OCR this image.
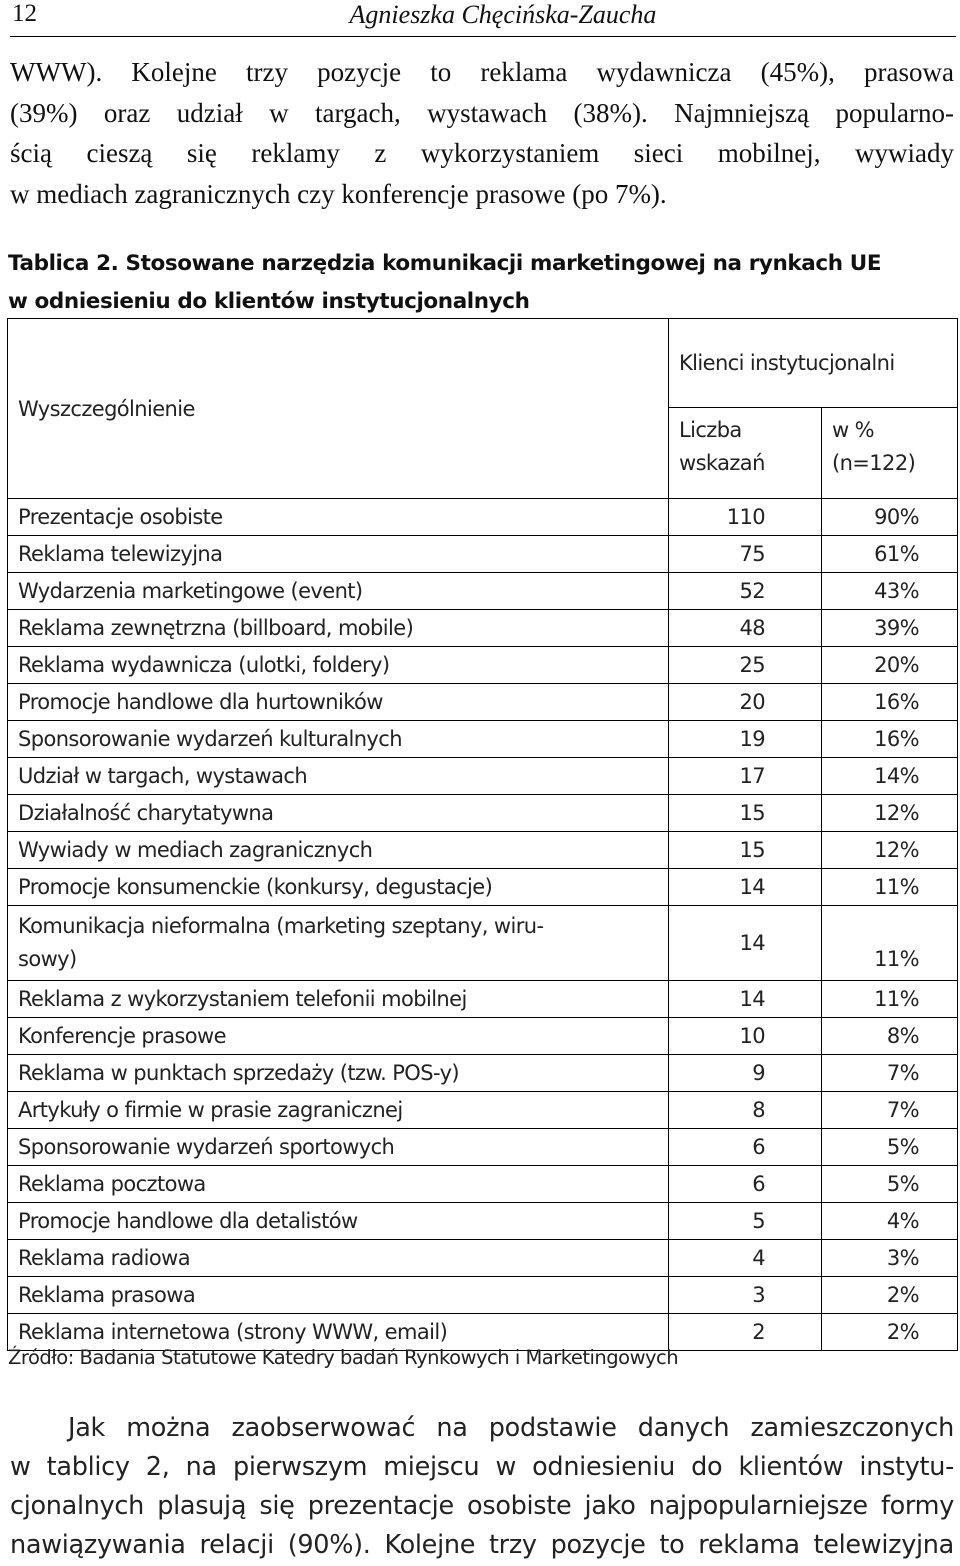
12	Agnieszka Chęcińska-Zaucha
WWW). Kolejne trzy pozycje to reklama wydawnicza (45%), prasowa
(39%) oraz udział w targach, wystawach (38%). Najmniejszą popularno-
ścią cieszą się reklamy z wykorzystaniem sieci mobilnej, wywiady
w mediach zagranicznych czy konferencje prasowe (po 7%).
Tablica 2. Stosowane narzędzia komunikacji marketingowej na rynkach UE
w odniesieniu do klientów instytucjonalnych
Wyszczególnienie	Klienci instytucjonalni	
	Liczba wskazań	w % (n=122)
Prezentacje osobiste	110	90%
Reklama telewizyjna	75	61%
Wydarzenia marketingowe (event)	52	43%
Reklama zewnętrzna (billboard, mobile)	48	39%
Reklama wydawnicza (ulotki, foldery)	25	20%
Promocje handlowe dla hurtowników	20	16%
Sponsorowanie wydarzeń kulturalnych	19	16%
Udział w targach, wystawach	17	14%
Działalność charytatywna	15	12%
Wywiady w mediach zagranicznych	15	12%
Promocje konsumenckie (konkursy, degustacje)	14	11%

Komunikacja nieformalna (marketing szeptany, wiru-
sowy)	14	11%
Reklama z wykorzystaniem telefonii mobilnej	14	11%
Konferencje prasowe	10	8%
Reklama w punktach sprzedaży (tzw. POS-y)	9	7%
Artykuły o firmie w prasie zagranicznej	8	7%
Sponsorowanie wydarzeń sportowych	6	5%
Reklama pocztowa	6	5%
Promocje handlowe dla detalistów	5	4%
Reklama radiowa	4	3%
Reklama prasowa	3	2%
Reklama internetowa (strony WWW, email)	2	2%
Źródło: Badania Statutowe Katedry badań Rynkowych i Marketingowych
Jak można zaobserwować na podstawie danych zamieszczonych
w tablicy 2, na pierwszym miejscu w odniesieniu do klientów instytu-
cjonalnych plasują się prezentacje osobiste jako najpopularniejsze formy
nawiązywania relacji (90%). Kolejne trzy pozycje to reklama telewizyjna
